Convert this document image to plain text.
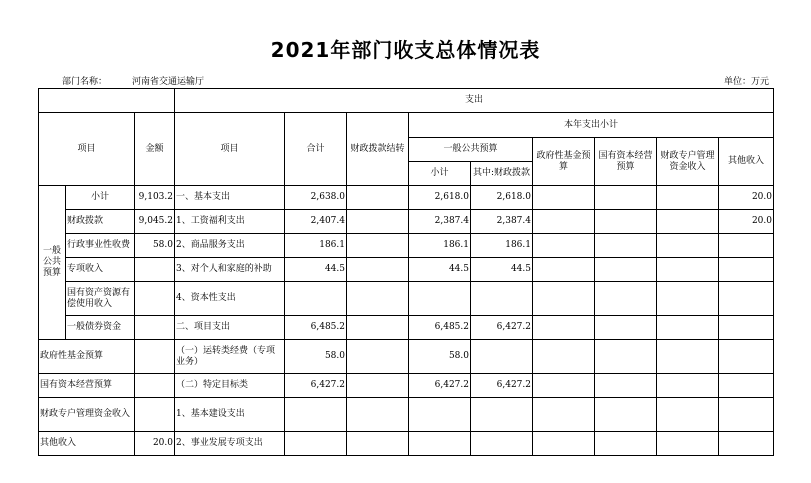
2021年部门收支总体情况表
部门名称：	河南省交通运输厅	单位：万元
			支出								
项目		金额	项目	合计	财政拨款结转	本年支出小计					
						一般公共预算		政府性基金预算	国有资本经营预算	财政专户管理资金收入	其他收入
						小计	其中:财政拨款				
一般公共预算	小计	9,103.2	一、基本支出	2,638.0		2,618.0	2,618.0				20.0
	财政拨款	9,045.2	1、工资福利支出	2,407.4		2,387.4	2,387.4				20.0
	行政事业性收费	58.0	2、商品服务支出	186.1		186.1	186.1				
	专项收入		3、对个人和家庭的补助	44.5		44.5	44.5				
	国有资产资源有偿使用收入		4、资本性支出								
	一般债券资金		二、项目支出	6,485.2		6,485.2	6,427.2				
政府性基金预算			（一）运转类经费（专项业务）	58.0		58.0					
国有资本经营预算			（二）特定目标类	6,427.2		6,427.2	6,427.2				
财政专户管理资金收入			1、基本建设支出								
其他收入		20.0	2、事业发展专项支出								
